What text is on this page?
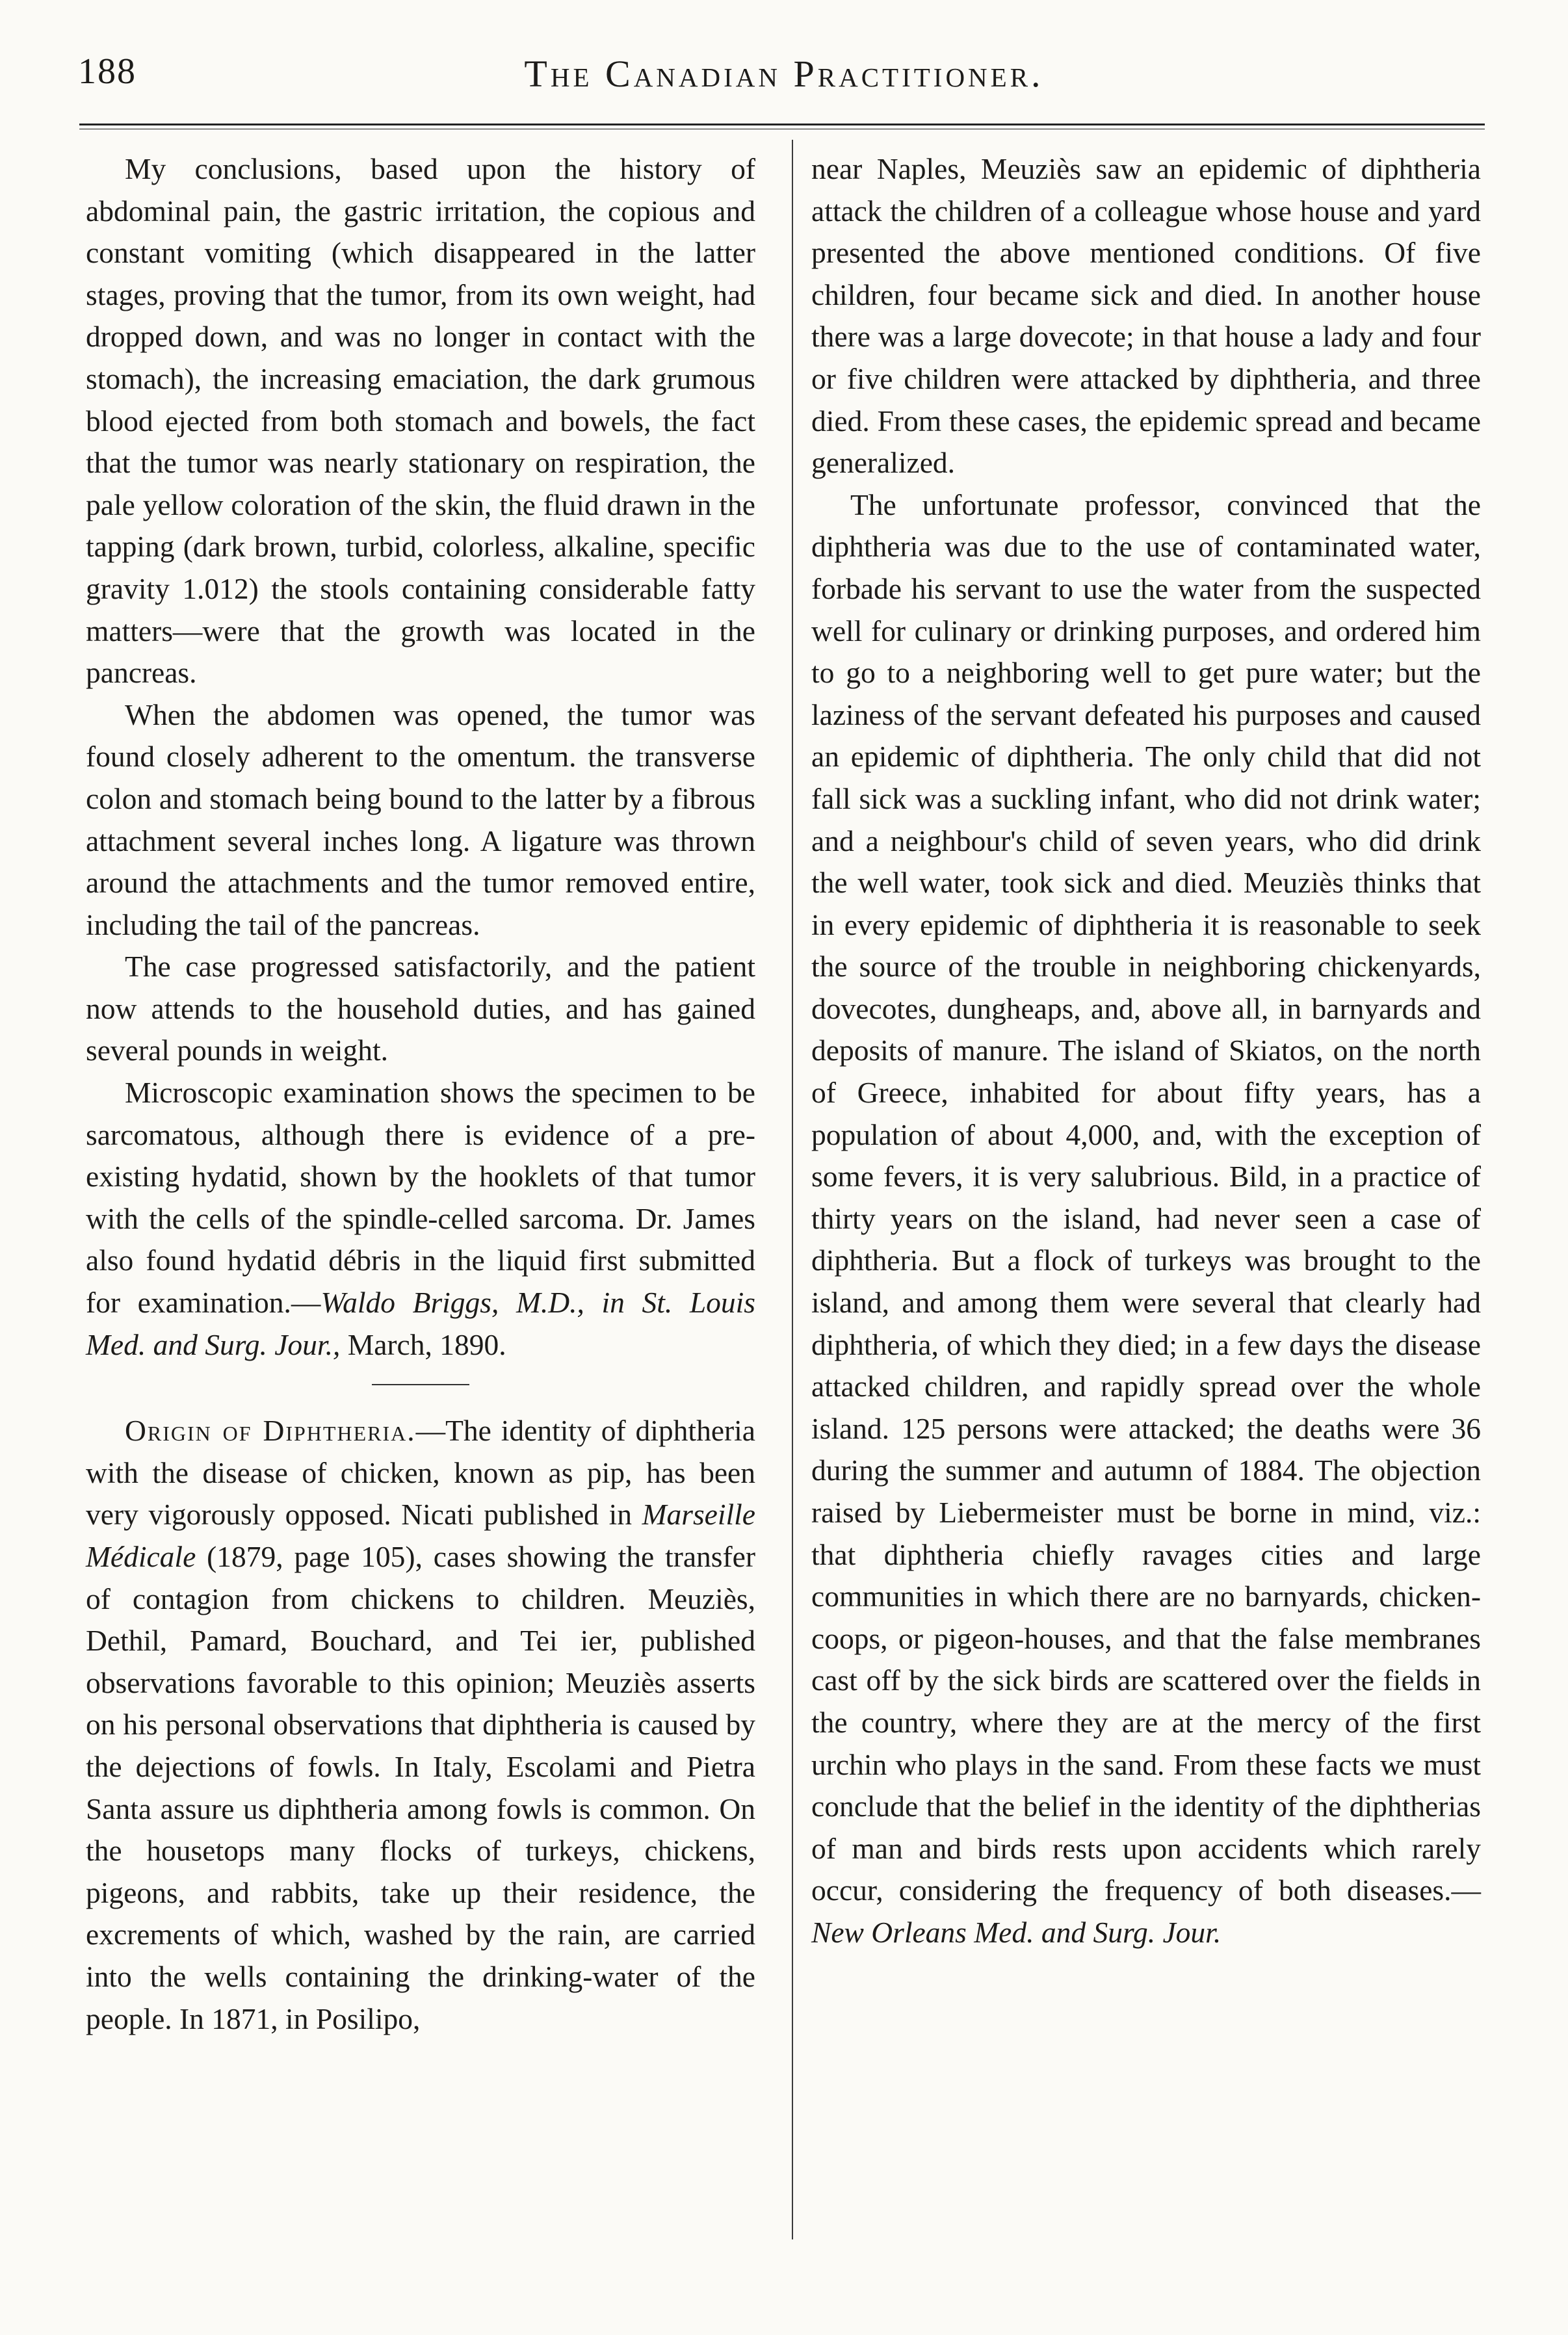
188	The Canadian Practitioner.

My conclusions, based upon the history of abdominal pain, the gastric irritation, the copious and constant vomiting (which disappeared in the latter stages, proving that the tumor, from its own weight, had dropped down, and was no longer in contact with the stomach), the increasing emaciation, the dark grumous blood ejected from both stomach and bowels, the fact that the tumor was nearly stationary on respiration, the pale yellow coloration of the skin, the fluid drawn in the tapping (dark brown, turbid, colorless, alkaline, specific gravity 1.012) the stools containing considerable fatty matters—were that the growth was located in the pancreas.

When the abdomen was opened, the tumor was found closely adherent to the omentum. the transverse colon and stomach being bound to the latter by a fibrous attachment several inches long. A ligature was thrown around the attachments and the tumor removed entire, including the tail of the pancreas.

The case progressed satisfactorily, and the patient now attends to the household duties, and has gained several pounds in weight.

Microscopic examination shows the specimen to be sarcomatous, although there is evidence of a pre-existing hydatid, shown by the hooklets of that tumor with the cells of the spindle-celled sarcoma. Dr. James also found hydatid débris in the liquid first submitted for examination.—Waldo Briggs, M.D., in St. Louis Med. and Surg. Jour., March, 1890.

Origin of Diphtheria.—The identity of diphtheria with the disease of chicken, known as pip, has been very vigorously opposed. Nicati published in Marseille Médicale (1879, page 105), cases showing the transfer of contagion from chickens to children. Meuziès, Dethil, Pamard, Bouchard, and Tei ier, published observations favorable to this opinion; Meuziès asserts on his personal observations that diphtheria is caused by the dejections of fowls. In Italy, Escolami and Pietra Santa assure us diphtheria among fowls is common. On the housetops many flocks of turkeys, chickens, pigeons, and rabbits, take up their residence, the excrements of which, washed by the rain, are carried into the wells containing the drinking-water of the people. In 1871, in Posilipo,

near Naples, Meuziès saw an epidemic of diphtheria attack the children of a colleague whose house and yard presented the above mentioned conditions. Of five children, four became sick and died. In another house there was a large dovecote; in that house a lady and four or five children were attacked by diphtheria, and three died. From these cases, the epidemic spread and became generalized.

The unfortunate professor, convinced that the diphtheria was due to the use of contaminated water, forbade his servant to use the water from the suspected well for culinary or drinking purposes, and ordered him to go to a neighboring well to get pure water; but the laziness of the servant defeated his purposes and caused an epidemic of diphtheria. The only child that did not fall sick was a suckling infant, who did not drink water; and a neighbour's child of seven years, who did drink the well water, took sick and died. Meuziès thinks that in every epidemic of diphtheria it is reasonable to seek the source of the trouble in neighboring chickenyards, dovecotes, dungheaps, and, above all, in barnyards and deposits of manure. The island of Skiatos, on the north of Greece, inhabited for about fifty years, has a population of about 4,000, and, with the exception of some fevers, it is very salubrious. Bild, in a practice of thirty years on the island, had never seen a case of diphtheria. But a flock of turkeys was brought to the island, and among them were several that clearly had diphtheria, of which they died; in a few days the disease attacked children, and rapidly spread over the whole island. 125 persons were attacked; the deaths were 36 during the summer and autumn of 1884. The objection raised by Liebermeister must be borne in mind, viz.: that diphtheria chiefly ravages cities and large communities in which there are no barnyards, chicken-coops, or pigeon-houses, and that the false membranes cast off by the sick birds are scattered over the fields in the country, where they are at the mercy of the first urchin who plays in the sand. From these facts we must conclude that the belief in the identity of the diphtherias of man and birds rests upon accidents which rarely occur, considering the frequency of both diseases.—New Orleans Med. and Surg. Jour.
